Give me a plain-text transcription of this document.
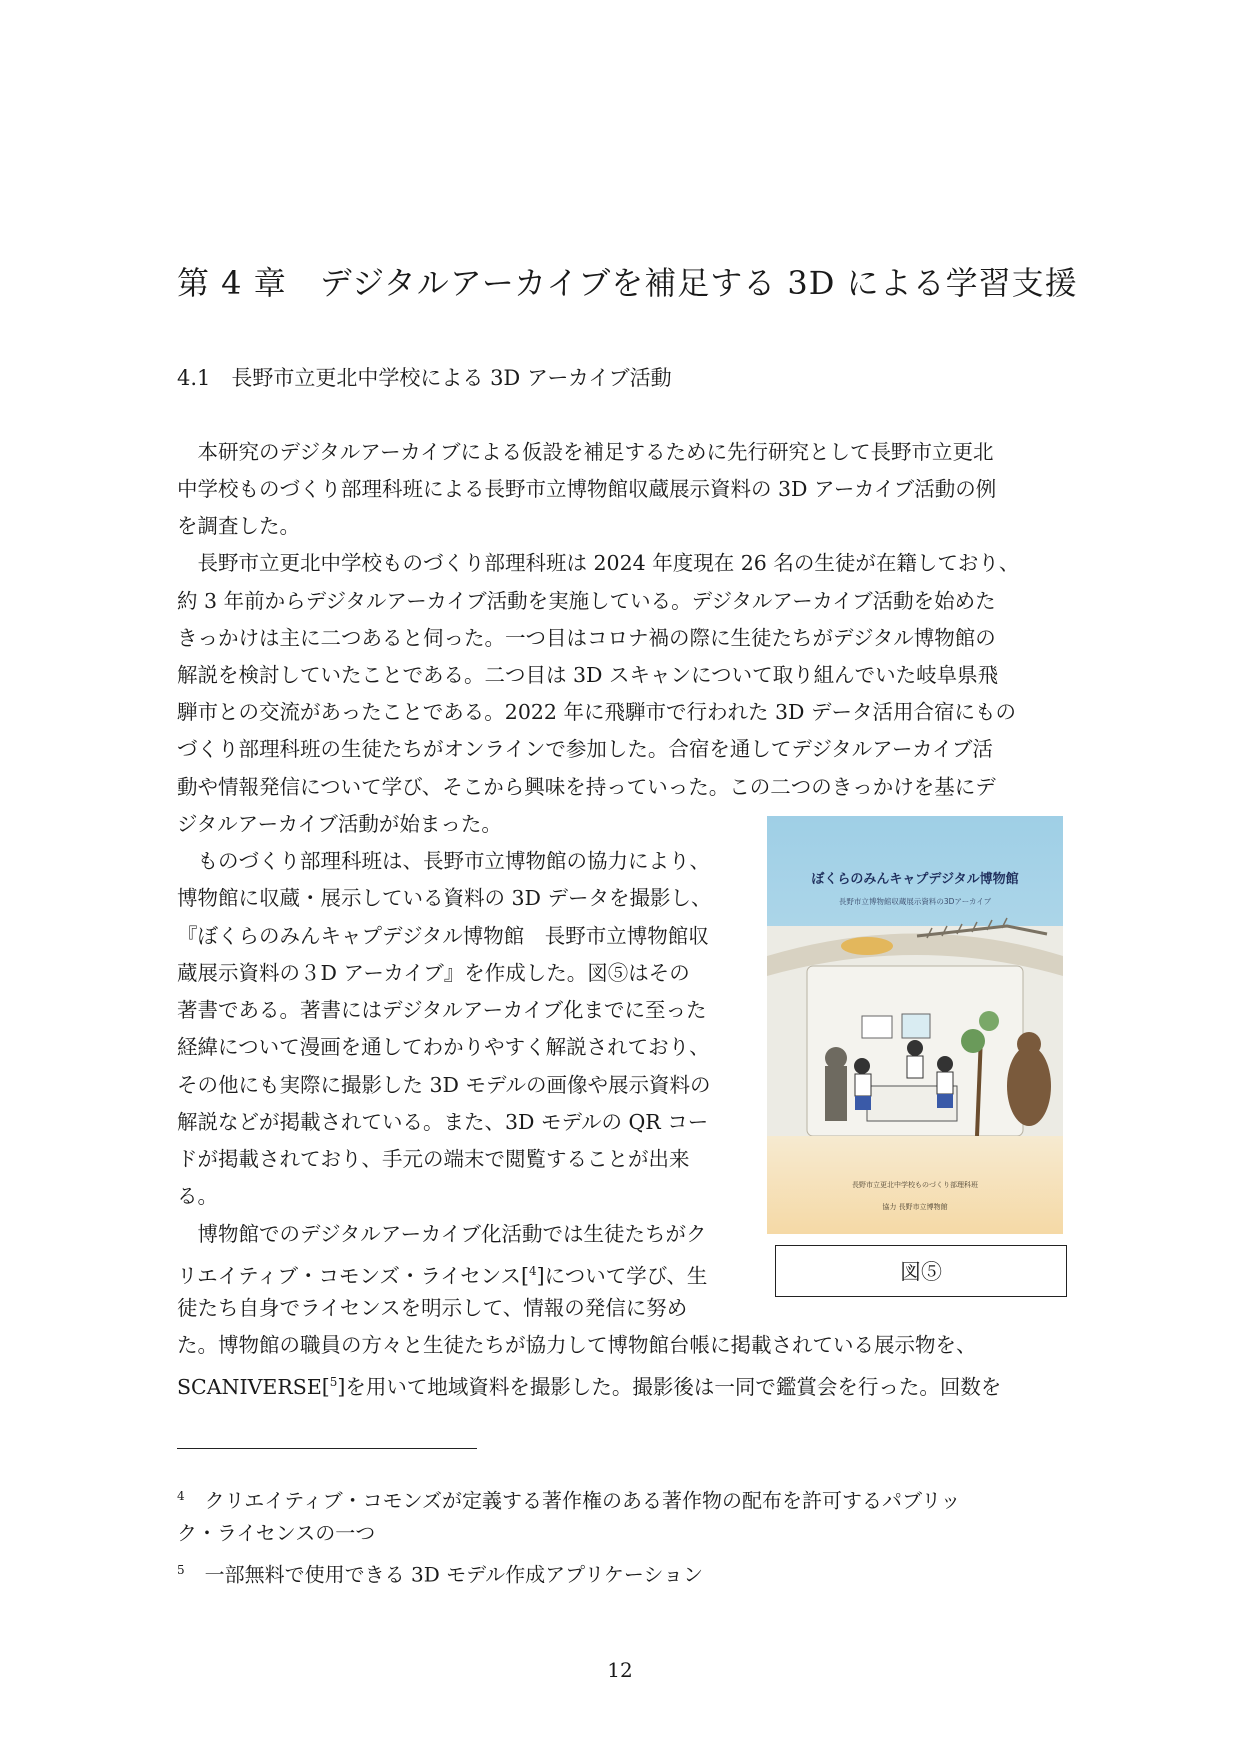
第 4 章　デジタルアーカイブを補足する 3D による学習支援
4.1　長野市立更北中学校による 3D アーカイブ活動
　本研究のデジタルアーカイブによる仮設を補足するために先行研究として長野市立更北
中学校ものづくり部理科班による長野市立博物館収蔵展示資料の 3D アーカイブ活動の例
を調査した。
　長野市立更北中学校ものづくり部理科班は 2024 年度現在 26 名の生徒が在籍しており、
約 3 年前からデジタルアーカイブ活動を実施している。デジタルアーカイブ活動を始めた
きっかけは主に二つあると伺った。一つ目はコロナ禍の際に生徒たちがデジタル博物館の
解説を検討していたことである。二つ目は 3D スキャンについて取り組んでいた岐阜県飛
騨市との交流があったことである。2022 年に飛騨市で行われた 3D データ活用合宿にもの
づくり部理科班の生徒たちがオンラインで参加した。合宿を通してデジタルアーカイブ活
動や情報発信について学び、そこから興味を持っていった。この二つのきっかけを基にデ
ジタルアーカイブ活動が始まった。
　ものづくり部理科班は、長野市立博物館の協力により、
博物館に収蔵・展示している資料の 3D データを撮影し、
『ぼくらのみんキャプデジタル博物館　長野市立博物館収
蔵展示資料の３D アーカイブ』を作成した。図⑤はその
著書である。著書にはデジタルアーカイブ化までに至った
経緯について漫画を通してわかりやすく解説されており、
その他にも実際に撮影した 3D モデルの画像や展示資料の
解説などが掲載されている。また、3D モデルの QR コー
ドが掲載されており、手元の端末で閲覧することが出来
る。
　博物館でのデジタルアーカイブ化活動では生徒たちがク
リエイティブ・コモンズ・ライセンス[$^4$]について学び、生
徒たち自身でライセンスを明示して、情報の発信に努め
た。博物館の職員の方々と生徒たちが協力して博物館台帳に掲載されている展示物を、
SCANIVERSE[$^5$]を用いて地域資料を撮影した。撮影後は一同で鑑賞会を行った。回数を
ぼくらのみんキャプデジタル博物館
長野市立博物館収蔵展示資料の3Dアーカイブ
長野市立更北中学校ものづくり部理科班
協力 長野市立博物館
図⑤
$^4$　 クリエイティブ・コモンズが定義する著作権のある著作物の配布を許可するパブリッ
ク・ライセンスの一つ
$^5$　 一部無料で使用できる 3D モデル作成アプリケーション
12
